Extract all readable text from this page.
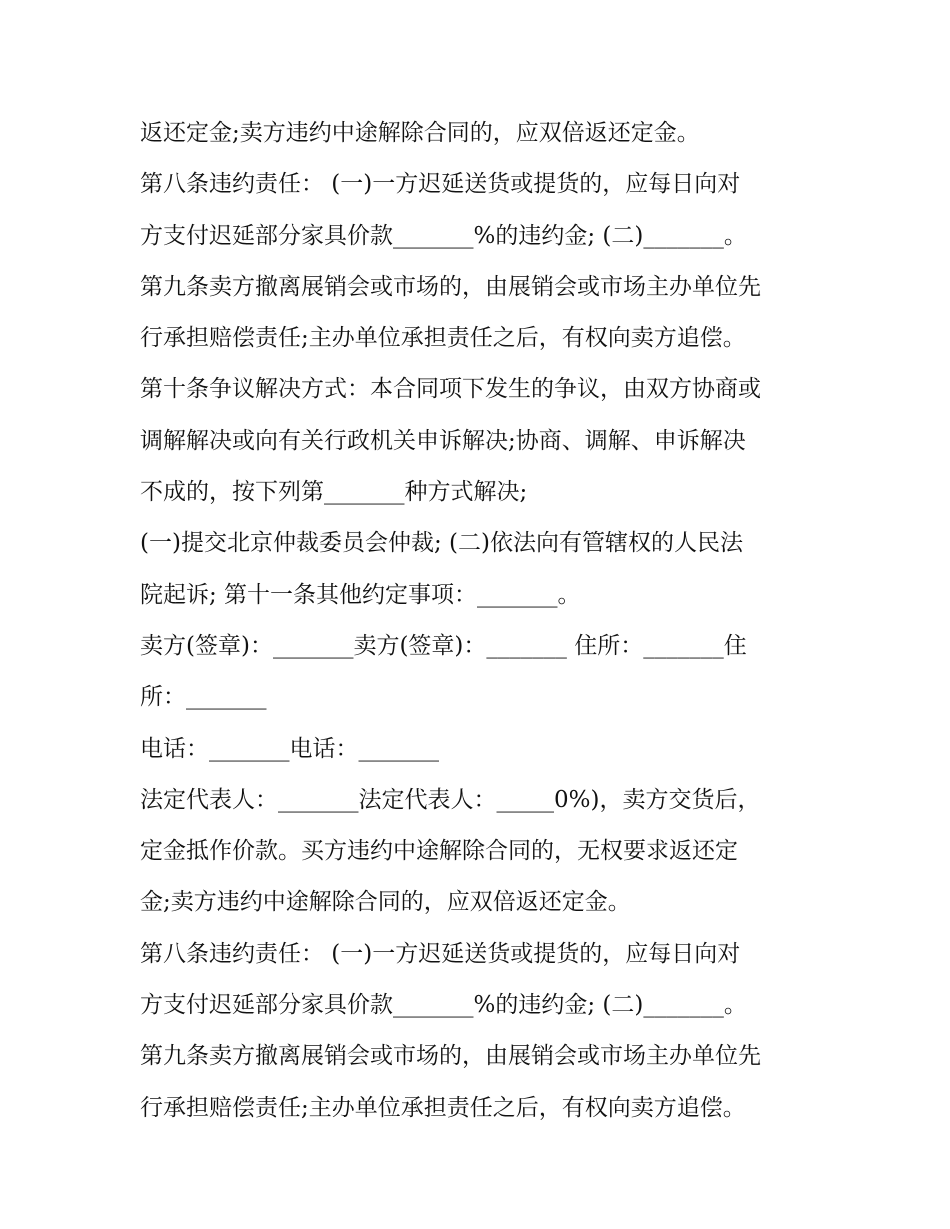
返还定金;卖方违约中途解除合同的，应双倍返还定金。
第八条违约责任： (一)一方迟延送货或提货的，应每日向对
方支付迟延部分家具价款_______%的违约金; (二)_______。
第九条卖方撤离展销会或市场的，由展销会或市场主办单位先
行承担赔偿责任;主办单位承担责任之后，有权向卖方追偿。
第十条争议解决方式：本合同项下发生的争议，由双方协商或
调解解决或向有关行政机关申诉解决;协商、调解、申诉解决
不成的，按下列第_______种方式解决;
(一)提交北京仲裁委员会仲裁; (二)依法向有管辖权的人民法
院起诉; 第十一条其他约定事项：_______。
卖方(签章)：_______卖方(签章)：_______ 住所：_______住
所：_______
电话：_______电话：_______
法定代表人：_______法定代表人：_____0%)，卖方交货后，
定金抵作价款。买方违约中途解除合同的，无权要求返还定
金;卖方违约中途解除合同的，应双倍返还定金。
第八条违约责任： (一)一方迟延送货或提货的，应每日向对
方支付迟延部分家具价款_______%的违约金; (二)_______。
第九条卖方撤离展销会或市场的，由展销会或市场主办单位先
行承担赔偿责任;主办单位承担责任之后，有权向卖方追偿。
